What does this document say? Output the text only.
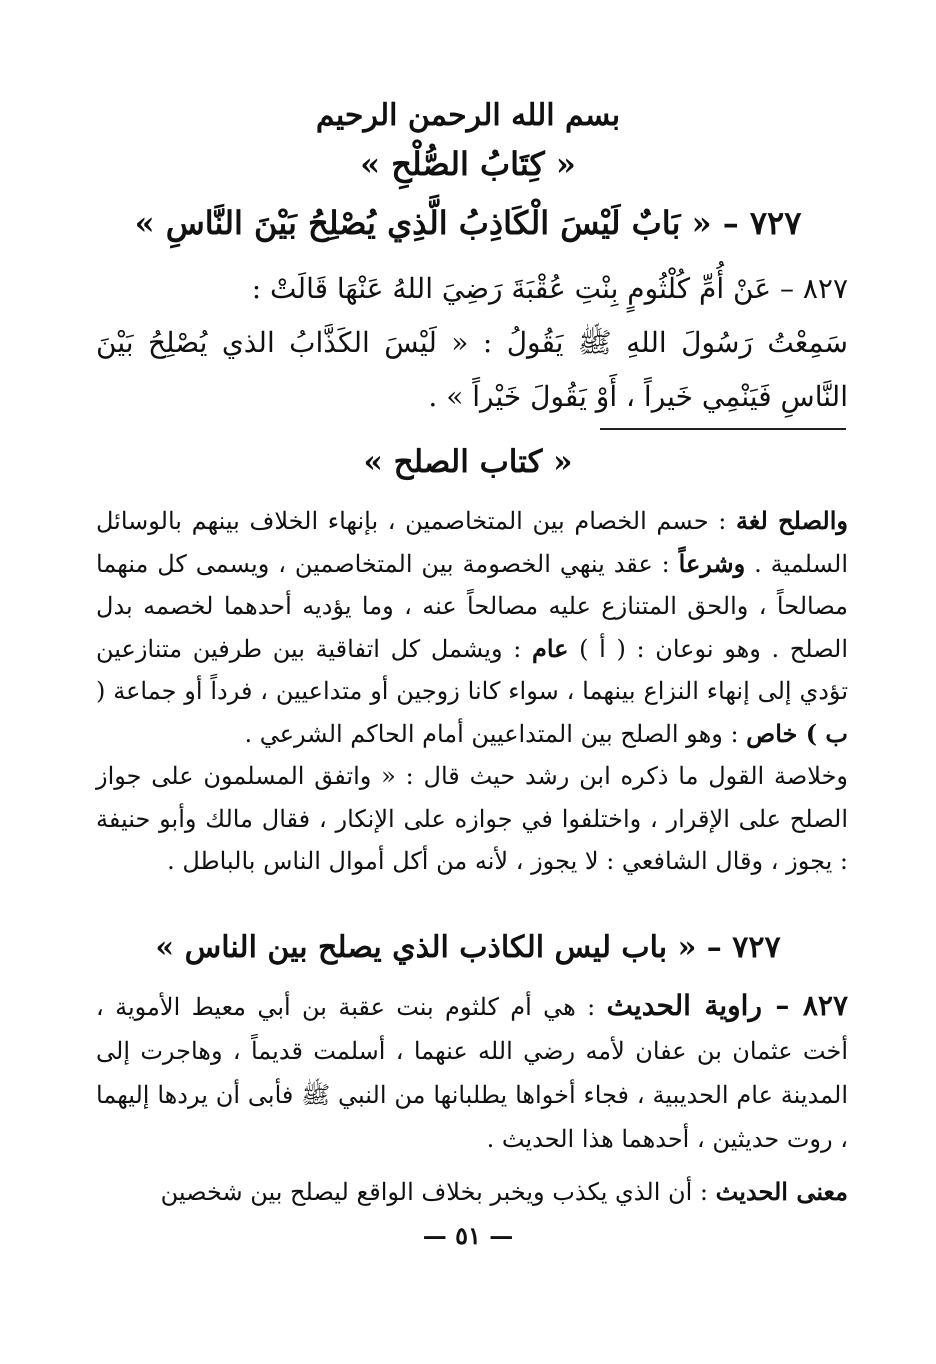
بسم الله الرحمن الرحيم
« كِتَابُ الصُّلْحِ »
٧٢٧ – « بَابٌ لَيْسَ الْكَاذِبُ الَّذِي يُصْلِحُ بَيْنَ النَّاسِ »

٨٢٧ – عَنْ أُمِّ كُلْثُومٍ بِنْتِ عُقْبَةَ رَضِيَ اللهُ عَنْهَا قَالَتْ :

سَمِعْتُ رَسُولَ اللهِ ﷺ يَقُولُ : « لَيْسَ الكَذَّابُ الذي يُصْلِحُ بَيْنَ النَّاسِ فَيَنْمِي خَيراً ، أَوْ يَقُولَ خَيْراً » .

« كتاب الصلح »

والصلح لغة : حسم الخصام بين المتخاصمين ، بإنهاء الخلاف بينهم بالوسائل السلمية . وشرعاً : عقد ينهي الخصومة بين المتخاصمين ، ويسمى كل منهما مصالحاً ، والحق المتنازع عليه مصالحاً عنه ، وما يؤديه أحدهما لخصمه بدل الصلح . وهو نوعان : ( أ ) عام : ويشمل كل اتفاقية بين طرفين متنازعين تؤدي إلى إنهاء النزاع بينهما ، سواء كانا زوجين أو متداعيين ، فرداً أو جماعة ( ب ) خاص : وهو الصلح بين المتداعيين أمام الحاكم الشرعي .

وخلاصة القول ما ذكره ابن رشد حيث قال : « واتفق المسلمون على جواز الصلح على الإقرار ، واختلفوا في جوازه على الإنكار ، فقال مالك وأبو حنيفة : يجوز ، وقال الشافعي : لا يجوز ، لأنه من أكل أموال الناس بالباطل .

٧٢٧ – « باب ليس الكاذب الذي يصلح بين الناس »

٨٢٧ – راوية الحديث : هي أم كلثوم بنت عقبة بن أبي معيط الأموية ، أخت عثمان بن عفان لأمه رضي الله عنهما ، أسلمت قديماً ، وهاجرت إلى المدينة عام الحديبية ، فجاء أخواها يطلبانها من النبي ﷺ فأبى أن يردها إليهما ، روت حديثين ، أحدهما هذا الحديث .

معنى الحديث : أن الذي يكذب ويخبر بخلاف الواقع ليصلح بين شخصين

— ٥١ —
